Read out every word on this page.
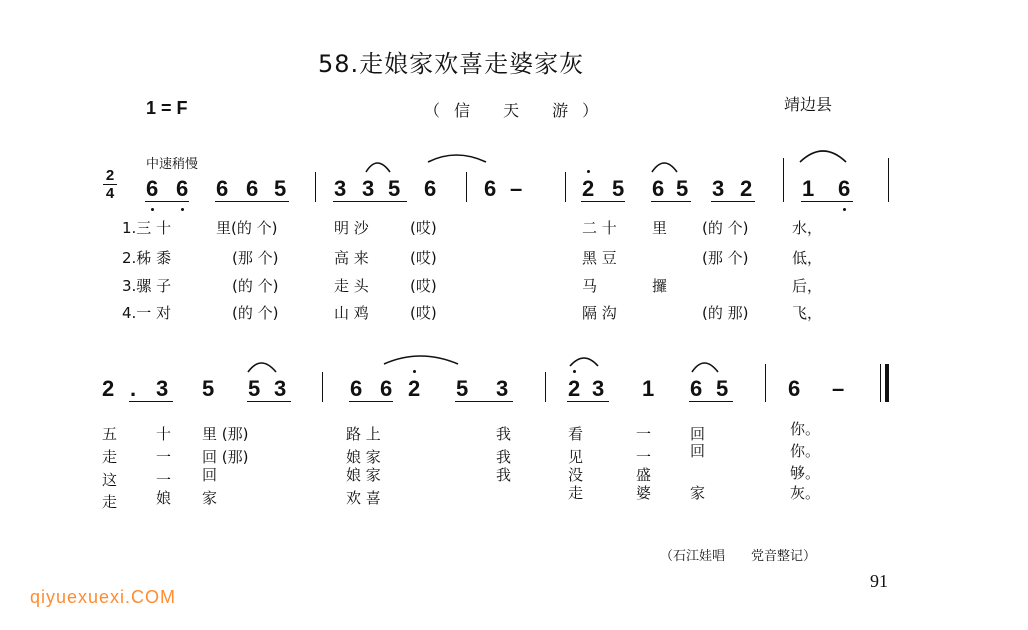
58.走娘家欢喜走婆家灰
1 = F	（信 天 游）	靖边县
中速稍慢
2
4 6 6 6 6 5 3 3 5 6 6 –	2 5 6 5 3 2 1 6
2 . 3 5 5 3	6 6 2 5 3	2 3 1 6 5	6 –
1.三 十	里(的 个)	明 沙	(哎)	二 十 里 (的 个)	水，
2.秭 黍	(那 个)	高 来	(哎)	黑 豆	(那 个)	低，
3.骡 子	(的 个)	走 头	(哎)	马	攞	后，
4.一 对	(的 个)	山 鸡	(哎)	隔 沟	(的 那)	飞，
五	十 里 (那)	路 上	我	看	一	回	你。
走	一 回 (那)	娘 家	我	见	一	回	你。
这	一 回	娘 家	我	没	盛	够。
走	娘 家	欢 喜	走	婆	家	灰。
（石江娃唱　　党音整记）
91
qiyuexuexi.COM
